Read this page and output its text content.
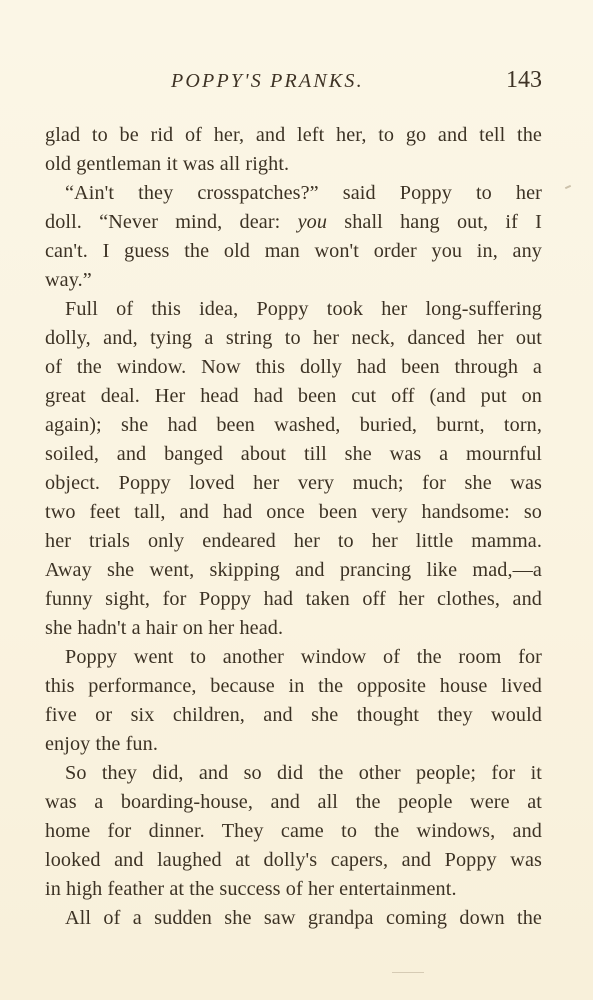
POPPY'S PRANKS.	143
glad to be rid of her, and left her, to go and tell the
old gentleman it was all right.
“Ain't they crosspatches?” said Poppy to her
doll. “Never mind, dear: you shall hang out, if I
can't. I guess the old man won't order you in, any
way.”
Full of this idea, Poppy took her long-suffering
dolly, and, tying a string to her neck, danced her out
of the window. Now this dolly had been through a
great deal. Her head had been cut off (and put on
again); she had been washed, buried, burnt, torn,
soiled, and banged about till she was a mournful
object. Poppy loved her very much; for she was
two feet tall, and had once been very handsome: so
her trials only endeared her to her little mamma.
Away she went, skipping and prancing like mad,—a
funny sight, for Poppy had taken off her clothes, and
she hadn't a hair on her head.
Poppy went to another window of the room for
this performance, because in the opposite house lived
five or six children, and she thought they would
enjoy the fun.
So they did, and so did the other people; for it
was a boarding-house, and all the people were at
home for dinner. They came to the windows, and
looked and laughed at dolly's capers, and Poppy was
in high feather at the success of her entertainment.
All of a sudden she saw grandpa coming down the
